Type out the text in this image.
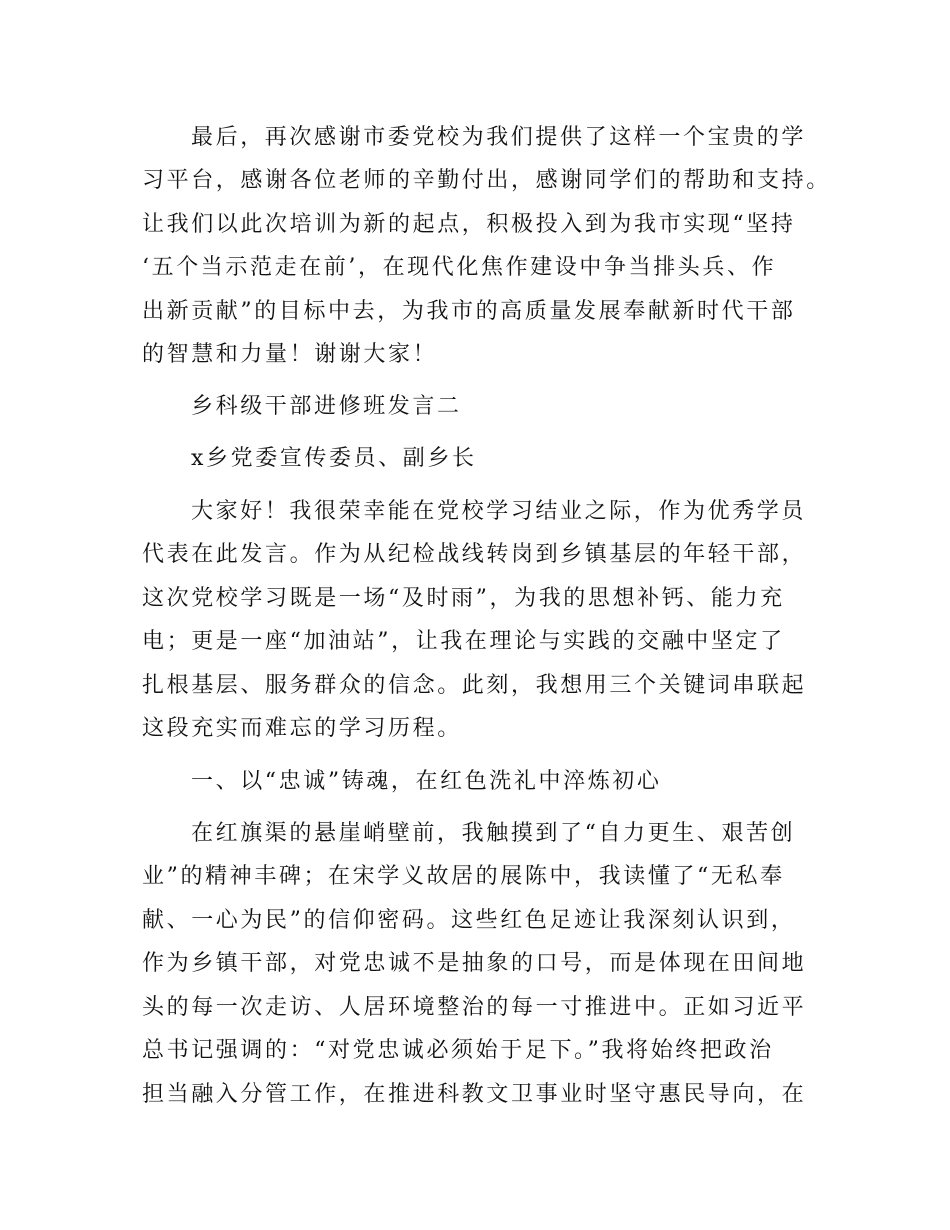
最后，再次感谢市委党校为我们提供了这样一个宝贵的学

习平台，感谢各位老师的辛勤付出，感谢同学们的帮助和支持。

让我们以此次培训为新的起点，积极投入到为我市实现“坚持

‘五个当示范走在前’，在现代化焦作建设中争当排头兵、作

出新贡献”的目标中去，为我市的高质量发展奉献新时代干部

的智慧和力量！谢谢大家！

乡科级干部进修班发言二

x乡党委宣传委员、副乡长

大家好！我很荣幸能在党校学习结业之际，作为优秀学员

代表在此发言。作为从纪检战线转岗到乡镇基层的年轻干部，

这次党校学习既是一场“及时雨”，为我的思想补钙、能力充

电；更是一座“加油站”，让我在理论与实践的交融中坚定了

扎根基层、服务群众的信念。此刻，我想用三个关键词串联起

这段充实而难忘的学习历程。

一、以“忠诚”铸魂，在红色洗礼中淬炼初心

在红旗渠的悬崖峭壁前，我触摸到了“自力更生、艰苦创

业”的精神丰碑；在宋学义故居的展陈中，我读懂了“无私奉

献、一心为民”的信仰密码。这些红色足迹让我深刻认识到，

作为乡镇干部，对党忠诚不是抽象的口号，而是体现在田间地

头的每一次走访、人居环境整治的每一寸推进中。正如习近平

总书记强调的：“对党忠诚必须始于足下。”我将始终把政治

担当融入分管工作，在推进科教文卫事业时坚守惠民导向，在
